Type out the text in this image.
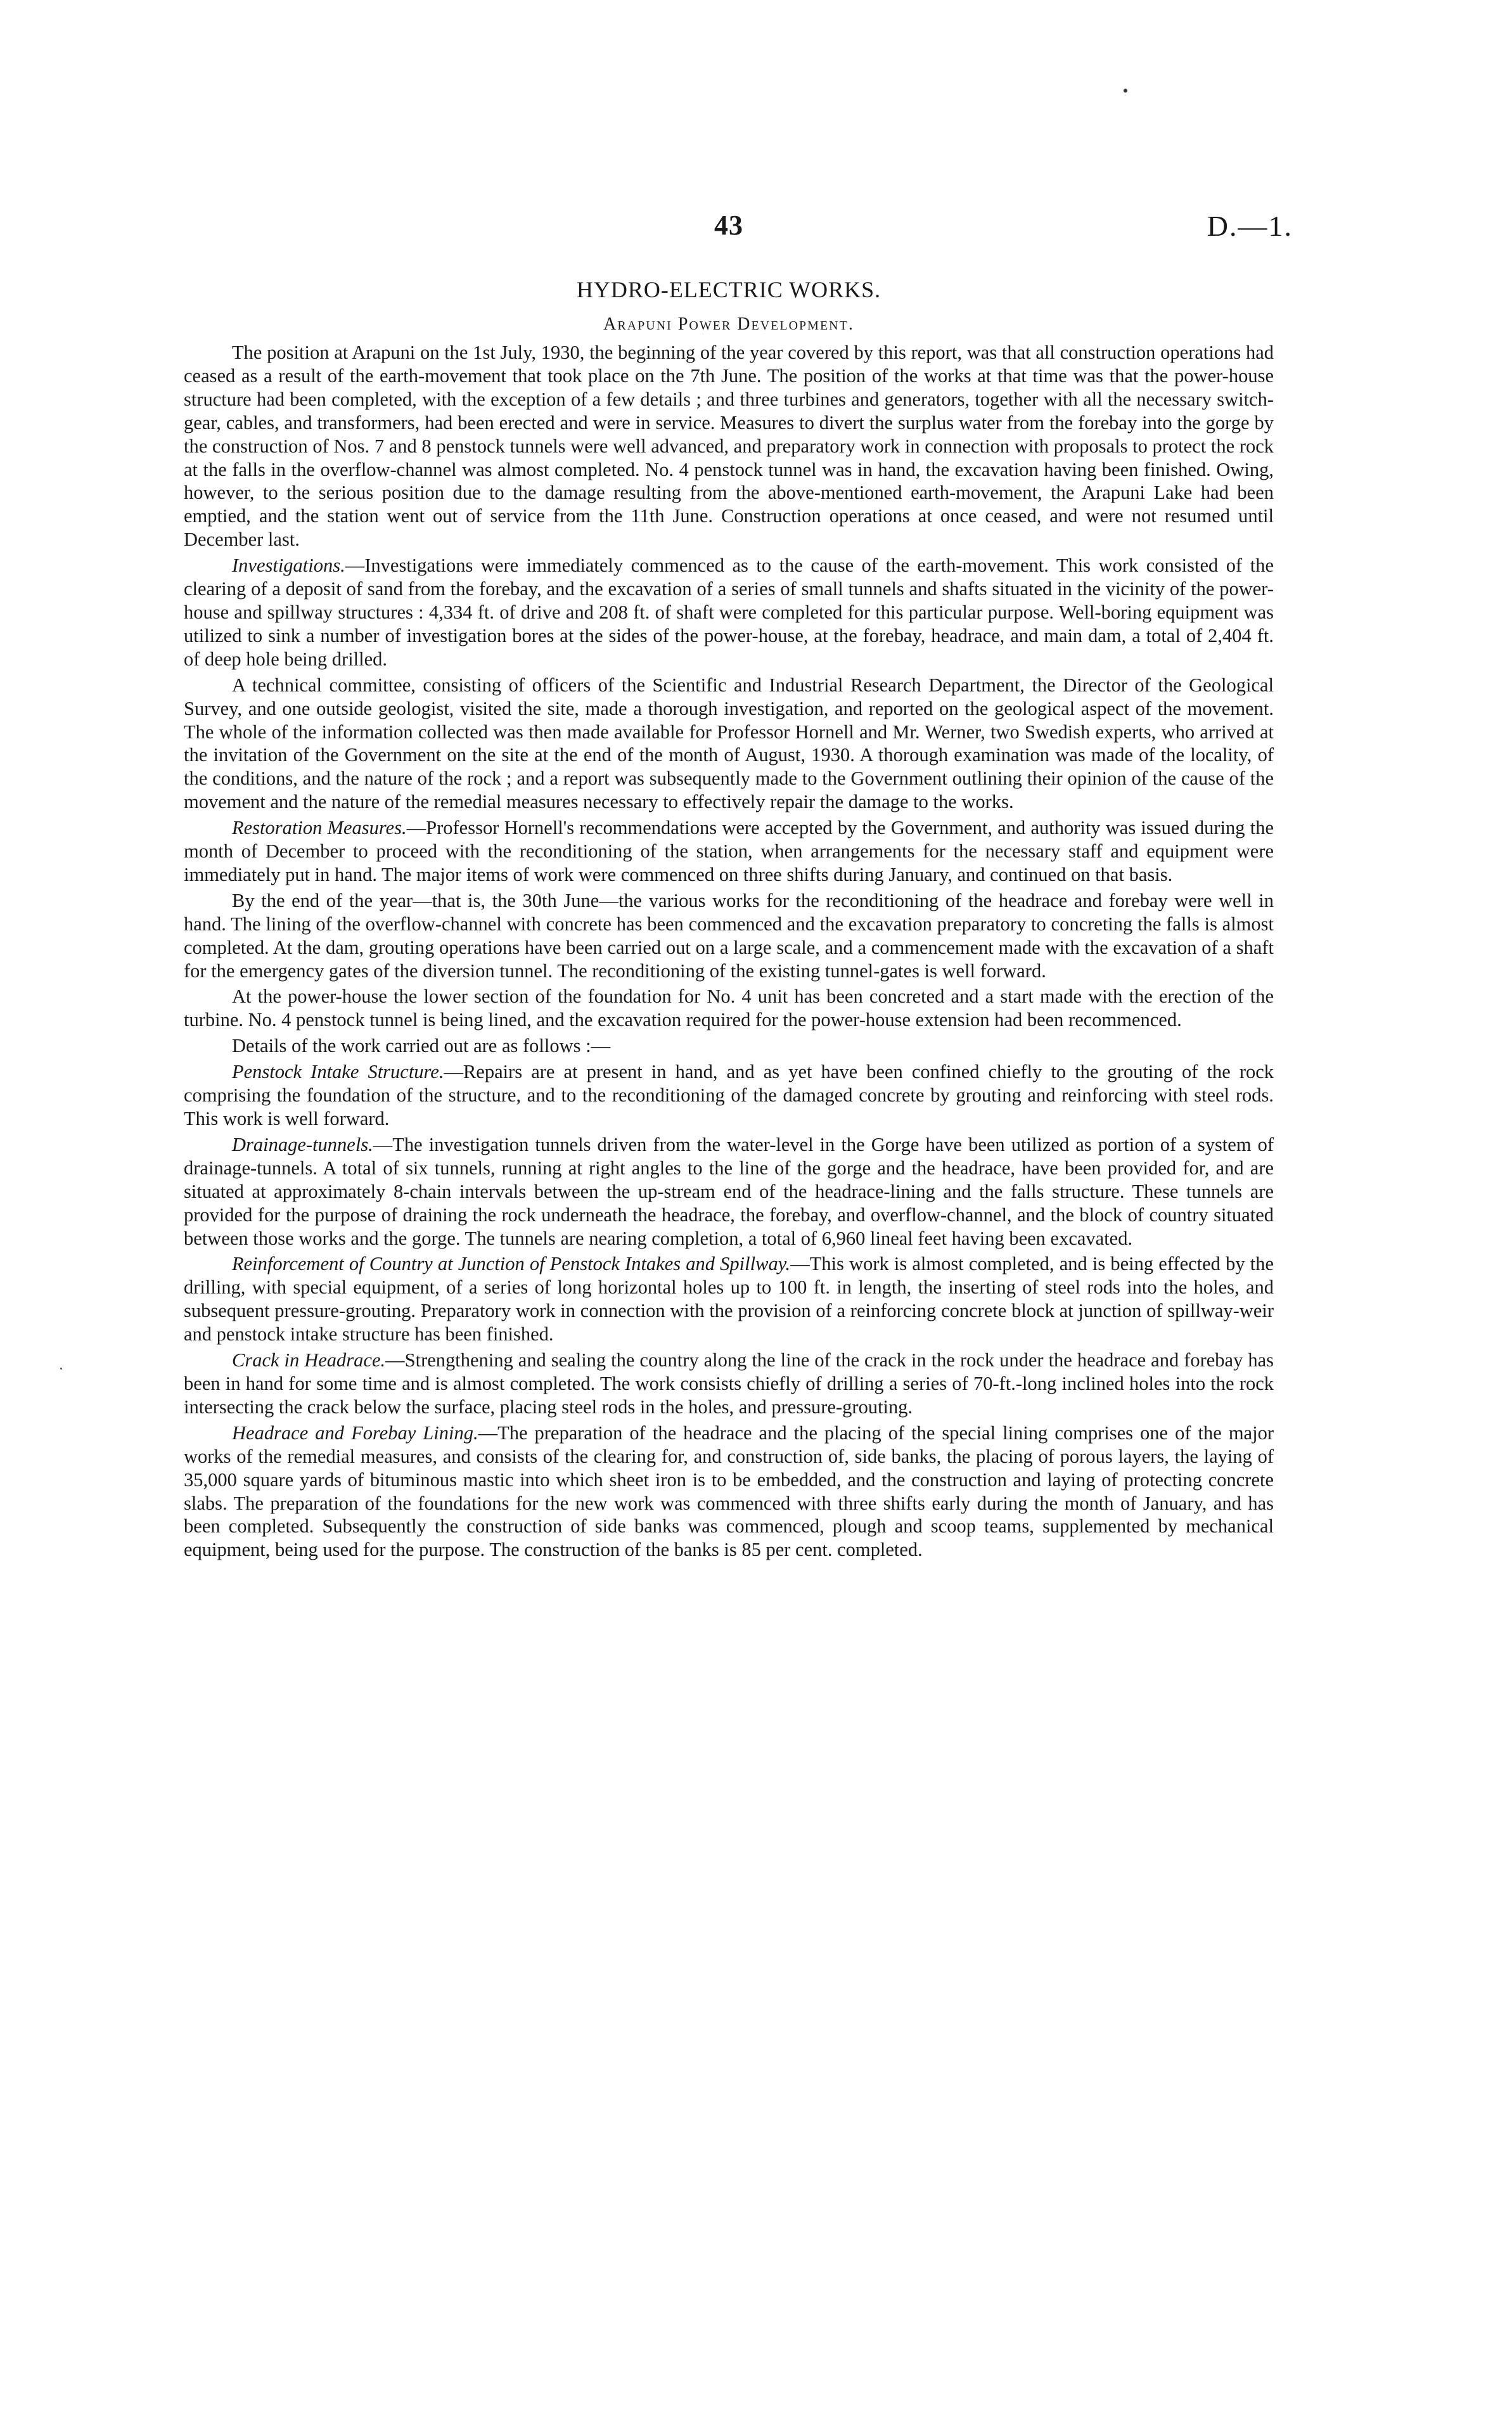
43	D.—1.
HYDRO-ELECTRIC WORKS.
Arapuni Power Development.

The position at Arapuni on the 1st July, 1930, the beginning of the year covered by this report, was that all construction operations had ceased as a result of the earth-movement that took place on the 7th June. The position of the works at that time was that the power-house structure had been completed, with the exception of a few details ; and three turbines and generators, together with all the necessary switch-gear, cables, and transformers, had been erected and were in service. Measures to divert the surplus water from the forebay into the gorge by the construction of Nos. 7 and 8 penstock tunnels were well advanced, and preparatory work in connection with proposals to protect the rock at the falls in the overflow-channel was almost completed. No. 4 penstock tunnel was in hand, the excavation having been finished. Owing, however, to the serious position due to the damage resulting from the above-mentioned earth-movement, the Arapuni Lake had been emptied, and the station went out of service from the 11th June. Construction operations at once ceased, and were not resumed until December last.

Investigations.—Investigations were immediately commenced as to the cause of the earth-movement. This work consisted of the clearing of a deposit of sand from the forebay, and the excavation of a series of small tunnels and shafts situated in the vicinity of the power-house and spillway structures : 4,334 ft. of drive and 208 ft. of shaft were completed for this particular purpose. Well-boring equipment was utilized to sink a number of investigation bores at the sides of the power-house, at the forebay, headrace, and main dam, a total of 2,404 ft. of deep hole being drilled.

A technical committee, consisting of officers of the Scientific and Industrial Research Department, the Director of the Geological Survey, and one outside geologist, visited the site, made a thorough investigation, and reported on the geological aspect of the movement. The whole of the information collected was then made available for Professor Hornell and Mr. Werner, two Swedish experts, who arrived at the invitation of the Government on the site at the end of the month of August, 1930. A thorough examination was made of the locality, of the conditions, and the nature of the rock ; and a report was subsequently made to the Government outlining their opinion of the cause of the movement and the nature of the remedial measures necessary to effectively repair the damage to the works.

Restoration Measures.—Professor Hornell's recommendations were accepted by the Government, and authority was issued during the month of December to proceed with the reconditioning of the station, when arrangements for the necessary staff and equipment were immediately put in hand. The major items of work were commenced on three shifts during January, and continued on that basis.

By the end of the year—that is, the 30th June—the various works for the reconditioning of the headrace and forebay were well in hand. The lining of the overflow-channel with concrete has been commenced and the excavation preparatory to concreting the falls is almost completed. At the dam, grouting operations have been carried out on a large scale, and a commencement made with the excavation of a shaft for the emergency gates of the diversion tunnel. The reconditioning of the existing tunnel-gates is well forward.

At the power-house the lower section of the foundation for No. 4 unit has been concreted and a start made with the erection of the turbine. No. 4 penstock tunnel is being lined, and the excavation required for the power-house extension had been recommenced.

Details of the work carried out are as follows :—

Penstock Intake Structure.—Repairs are at present in hand, and as yet have been confined chiefly to the grouting of the rock comprising the foundation of the structure, and to the reconditioning of the damaged concrete by grouting and reinforcing with steel rods. This work is well forward.

Drainage-tunnels.—The investigation tunnels driven from the water-level in the Gorge have been utilized as portion of a system of drainage-tunnels. A total of six tunnels, running at right angles to the line of the gorge and the headrace, have been provided for, and are situated at approximately 8-chain intervals between the up-stream end of the headrace-lining and the falls structure. These tunnels are provided for the purpose of draining the rock underneath the headrace, the forebay, and overflow-channel, and the block of country situated between those works and the gorge. The tunnels are nearing completion, a total of 6,960 lineal feet having been excavated.

Reinforcement of Country at Junction of Penstock Intakes and Spillway.—This work is almost completed, and is being effected by the drilling, with special equipment, of a series of long horizontal holes up to 100 ft. in length, the inserting of steel rods into the holes, and subsequent pressure-grouting. Preparatory work in connection with the provision of a reinforcing concrete block at junction of spillway-weir and penstock intake structure has been finished.

Crack in Headrace.—Strengthening and sealing the country along the line of the crack in the rock under the headrace and forebay has been in hand for some time and is almost completed. The work consists chiefly of drilling a series of 70-ft.-long inclined holes into the rock intersecting the crack below the surface, placing steel rods in the holes, and pressure-grouting.

Headrace and Forebay Lining.—The preparation of the headrace and the placing of the special lining comprises one of the major works of the remedial measures, and consists of the clearing for, and construction of, side banks, the placing of porous layers, the laying of 35,000 square yards of bituminous mastic into which sheet iron is to be embedded, and the construction and laying of protecting concrete slabs. The preparation of the foundations for the new work was commenced with three shifts early during the month of January, and has been completed. Subsequently the construction of side banks was commenced, plough and scoop teams, supplemented by mechanical equipment, being used for the purpose. The construction of the banks is 85 per cent. completed.
